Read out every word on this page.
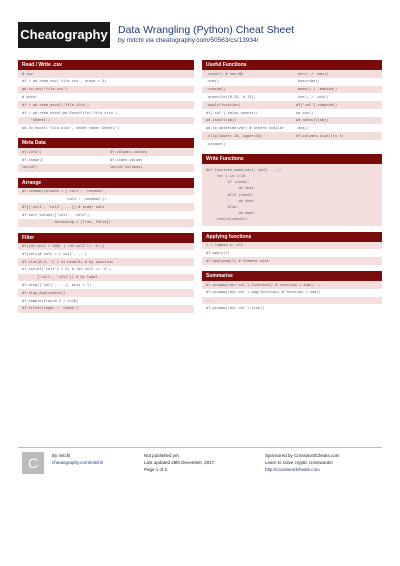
Cheatography Data Wrangling (Python) Cheat Sheet
by mitchl via cheatography.com/50563/cs/13934/
Read / Write .csv
# csv
df = pd.read_csv('file.csv', nrows = 5)
pd.to_csv('file.csv')
# excel
df = pd.read_excel('file.xlsx')
df = pd.read_excel(pd.ExcelFile('file.xlsx'),
'Sheet1')
pd.to_excel('file.xlsx', sheet_name='Sheet1')
Meta Data
df.info()	df.columns.values
df.shape()	df.index.values
len(df)	len(df.columns)
Arrange
df.rename(columns = {'col1': 'rename1',
'col2': 'rename2'})
df[['col1', 'col2', ...]] # order cols
df.sort_values(['col1', 'col2'],
ascending = [True, False])
Filter
df[(df.col1 > 100) | (df.col2 != 'A')]
df[cols]# cols = ['col1', ...]
df.iloc[0:5, :] / df.head(5) # by position
df.loc[df['col1'] > 5) & (df.col2 == 'A'),
['col1', 'col2']] # by label
df.drop(['col1', ...], axis = 1)
df.drop_duplicates()
df.sample(frac=0.5 / n=10)
df.filter(regex = 'regex')
Useful Functions
.count() # non-NA	.min() / .max()
.sum()	.describe()
.cumsum()	.mean() / .median()
.quantile([0.25, 0.75])	.var() / .std()
.apply(function)	df['col'].cumprod()
df['col'].value_counts()	np.cos()
pd.isnull(obj)	pd.notnull(obj)
pd.to_datetime(var) # others similar	.abs()
.clip(lower=-10, upper=10)	df.columns.isin(lis t)
.unique()	
Write Functions
def function_name(var1, var2, ...):
for i in 1:10
if (cond):
do this
elif (cond):
do that
else:
do none
return(result)
Applying functions
f = lambda x: x*2
df.apply(f)
df.applymap(f) # element wise
Summarise
df.groupby(by='col').function() # function = sum() ...
df.groupby(by='col').agg(function) # function = sum()
...
df.groupby(by='col').size()
C	By mitchl
cheatography.com/mitchl/
Not published yet.
Last updated 28th December, 2017.
Page 1 of 2.
Sponsored by CrosswordCheats.com
Learn to solve cryptic crosswords!
http://crosswordcheats.com
